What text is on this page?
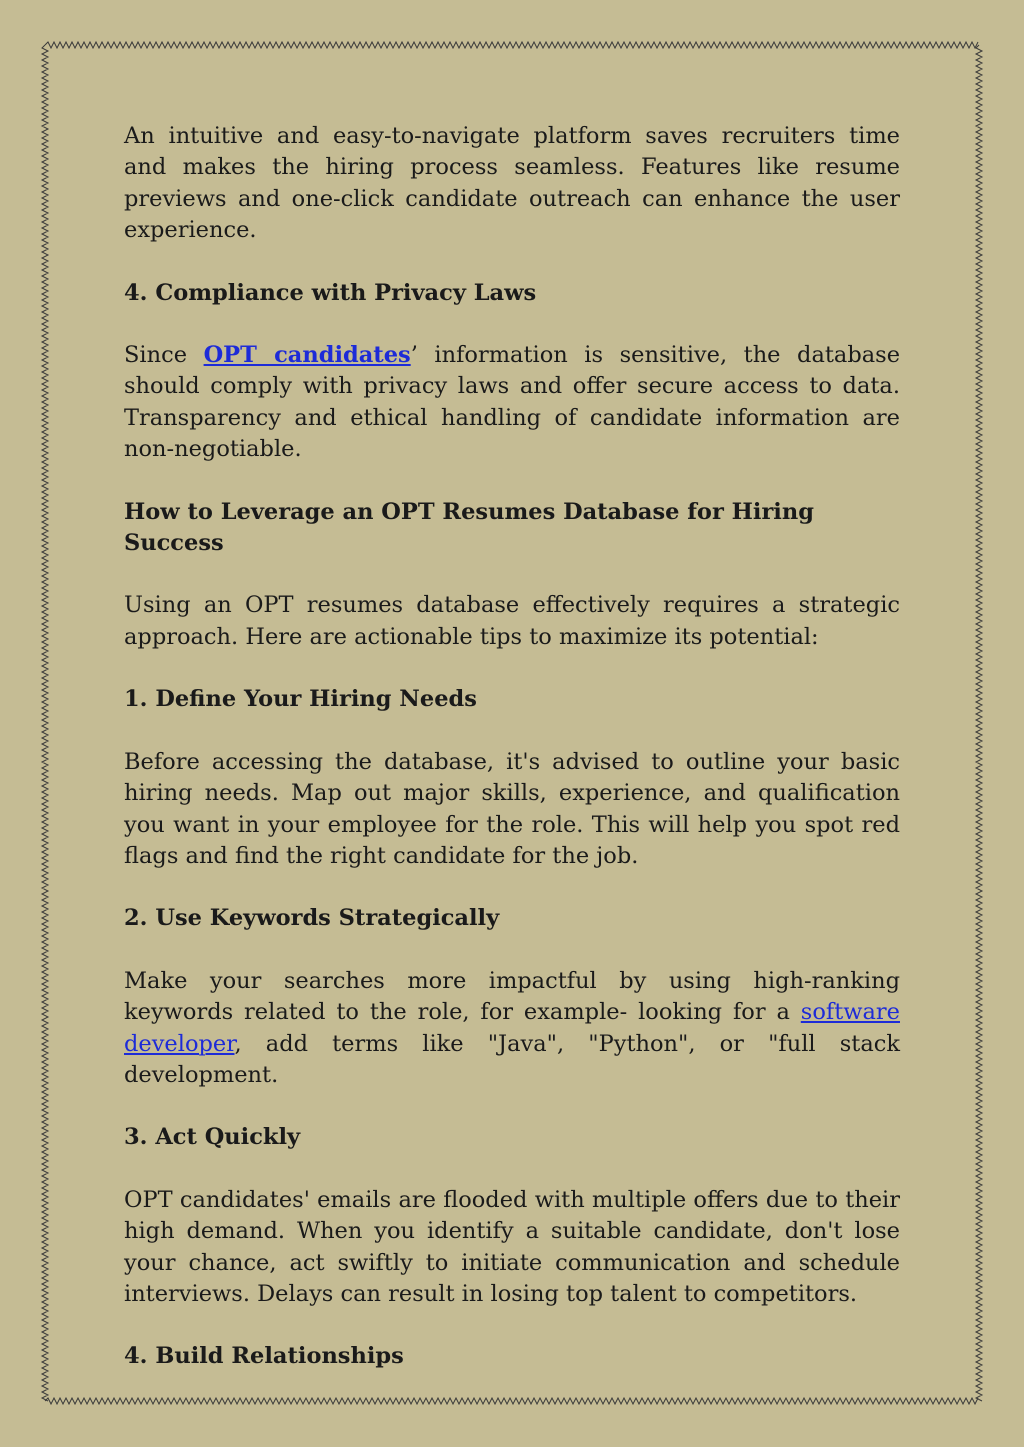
An intuitive and easy-to-navigate platform saves recruiters time and makes the hiring process seamless. Features like resume previews and one-click candidate outreach can enhance the user experience.

4. Compliance with Privacy Laws

Since OPT candidates’ information is sensitive, the database should comply with privacy laws and offer secure access to data. Transparency and ethical handling of candidate information are non-negotiable.

How to Leverage an OPT Resumes Database for Hiring Success

Using an OPT resumes database effectively requires a strategic approach. Here are actionable tips to maximize its potential:

1. Define Your Hiring Needs

Before accessing the database, it's advised to outline your basic hiring needs. Map out major skills, experience, and qualification you want in your employee for the role. This will help you spot red flags and find the right candidate for the job.

2. Use Keywords Strategically

Make your searches more impactful by using high-ranking keywords related to the role, for example- looking for a software developer, add terms like "Java", "Python", or "full stack development.

3. Act Quickly

OPT candidates' emails are flooded with multiple offers due to their high demand. When you identify a suitable candidate, don't lose your chance, act swiftly to initiate communication and schedule interviews. Delays can result in losing top talent to competitors.

4. Build Relationships
